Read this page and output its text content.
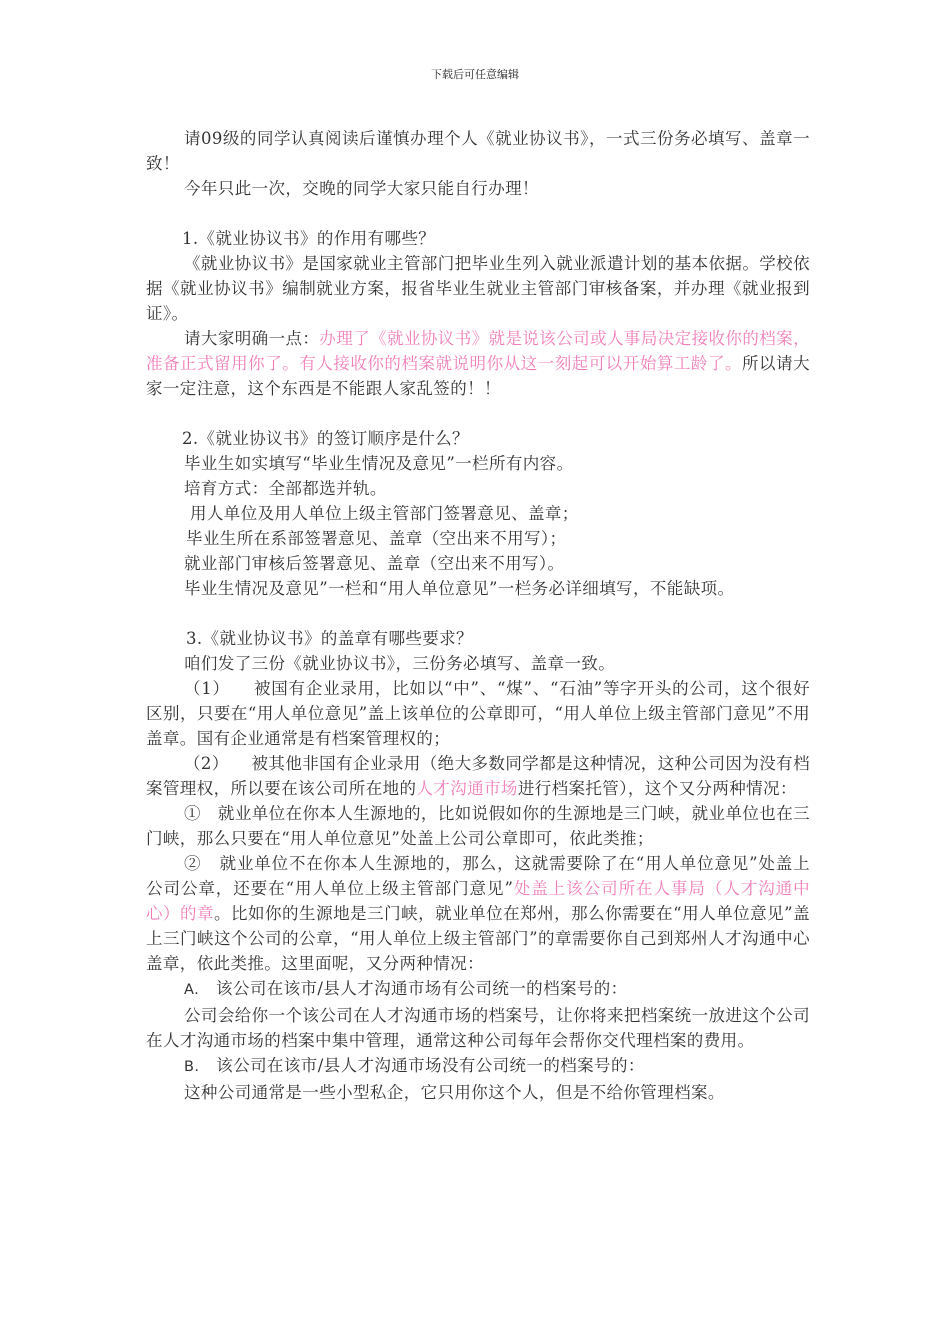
下载后可任意编辑

请09级的同学认真阅读后谨慎办理个人《就业协议书》，一式三份务必填写、盖章一致！

今年只此一次，交晚的同学大家只能自行办理！

1.《就业协议书》的作用有哪些？

《就业协议书》是国家就业主管部门把毕业生列入就业派遣计划的基本依据。学校依据《就业协议书》编制就业方案，报省毕业生就业主管部门审核备案，并办理《就业报到证》。

请大家明确一点：办理了《就业协议书》就是说该公司或人事局决定接收你的档案，准备正式留用你了。有人接收你的档案就说明你从这一刻起可以开始算工龄了。所以请大家一定注意，这个东西是不能跟人家乱签的！！

2.《就业协议书》的签订顺序是什么？

毕业生如实填写“毕业生情况及意见”一栏所有内容。

培育方式：全部都选并轨。

用人单位及用人单位上级主管部门签署意见、盖章；

毕业生所在系部签署意见、盖章（空出来不用写）；

就业部门审核后签署意见、盖章（空出来不用写）。

毕业生情况及意见”一栏和“用人单位意见”一栏务必详细填写，不能缺项。

3.《就业协议书》的盖章有哪些要求？

咱们发了三份《就业协议书》，三份务必填写、盖章一致。

（1） 被国有企业录用，比如以“中”、“煤”、“石油”等字开头的公司，这个很好区别，只要在“用人单位意见”盖上该单位的公章即可，“用人单位上级主管部门意见”不用盖章。国有企业通常是有档案管理权的；

（2） 被其他非国有企业录用（绝大多数同学都是这种情况，这种公司因为没有档案管理权，所以要在该公司所在地的人才沟通市场进行档案托管），这个又分两种情况：

① 就业单位在你本人生源地的，比如说假如你的生源地是三门峡，就业单位也在三门峡，那么只要在“用人单位意见”处盖上公司公章即可，依此类推；

② 就业单位不在你本人生源地的，那么，这就需要除了在“用人单位意见”处盖上公司公章，还要在“用人单位上级主管部门意见”处盖上该公司所在人事局（人才沟通中心）的章。比如你的生源地是三门峡，就业单位在郑州，那么你需要在“用人单位意见”盖上三门峡这个公司的公章，“用人单位上级主管部门”的章需要你自己到郑州人才沟通中心盖章，依此类推。这里面呢，又分两种情况：

A. 该公司在该市/县人才沟通市场有公司统一的档案号的：

公司会给你一个该公司在人才沟通市场的档案号，让你将来把档案统一放进这个公司在人才沟通市场的档案中集中管理，通常这种公司每年会帮你交代理档案的费用。

B. 该公司在该市/县人才沟通市场没有公司统一的档案号的：

这种公司通常是一些小型私企，它只用你这个人，但是不给你管理档案。
